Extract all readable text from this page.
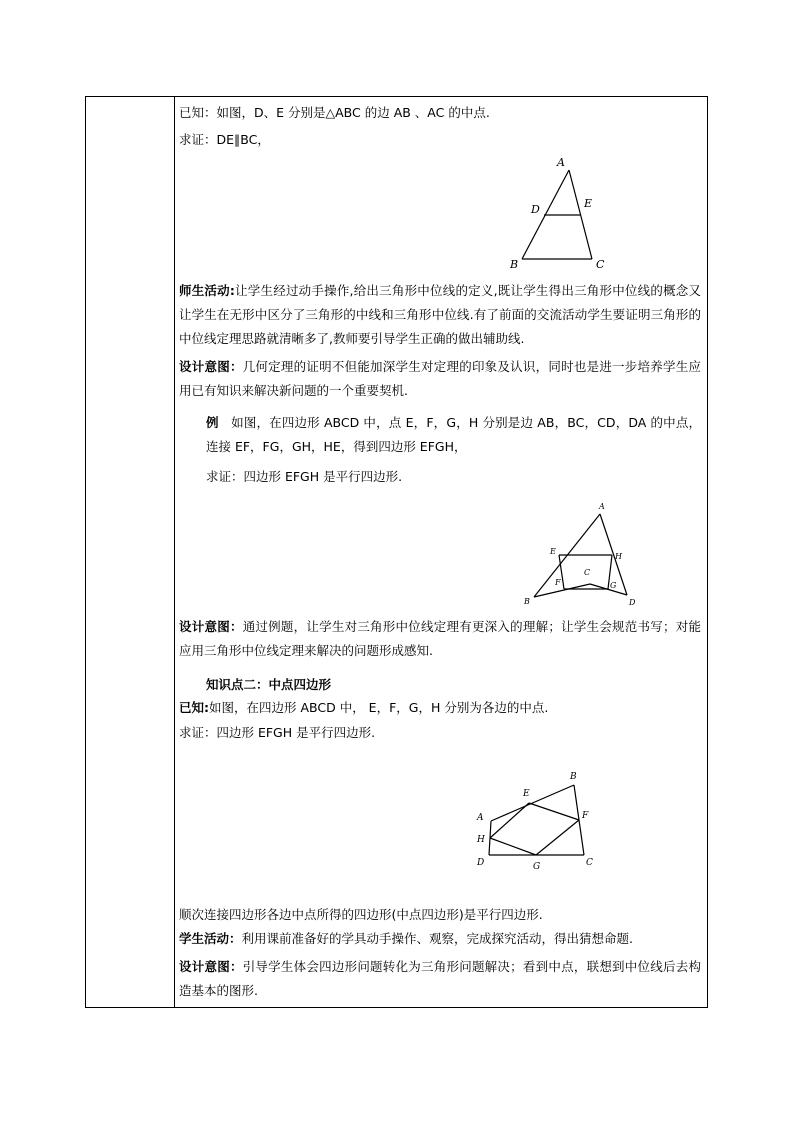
已知：如图，D、E 分别是△ABC 的边 AB 、AC 的中点.
求证：DE∥BC，
A
B	C
D	E
师生活动:让学生经过动手操作,给出三角形中位线的定义,既让学生得出三角形中位线的概念又让学生在无形中区分了三角形的中线和三角形中位线.有了前面的交流活动学生要证明三角形的中位线定理思路就清晰多了,教师要引导学生正确的做出辅助线.
设计意图：几何定理的证明不但能加深学生对定理的印象及认识，同时也是进一步培养学生应用已有知识来解决新问题的一个重要契机.
例 如图，在四边形 ABCD 中，点 E，F，G，H 分别是边 AB，BC，CD，DA 的中点，连接 EF，FG，GH，HE，得到四边形 EFGH，
求证：四边形 EFGH 是平行四边形.
A
B
C
D
E
F	G
H
设计意图：通过例题，让学生对三角形中位线定理有更深入的理解；让学生会规范书写；对能应用三角形中位线定理来解决的问题形成感知.
知识点二：中点四边形
已知:如图，在四边形 ABCD 中， E，F，G，H 分别为各边的中点.
求证：四边形 EFGH 是平行四边形.
B
A
E
F
H
D	G	C
顺次连接四边形各边中点所得的四边形(中点四边形)是平行四边形.
学生活动：利用课前准备好的学具动手操作、观察，完成探究活动，得出猜想命题.
设计意图：引导学生体会四边形问题转化为三角形问题解决；看到中点，联想到中位线后去构造基本的图形.
